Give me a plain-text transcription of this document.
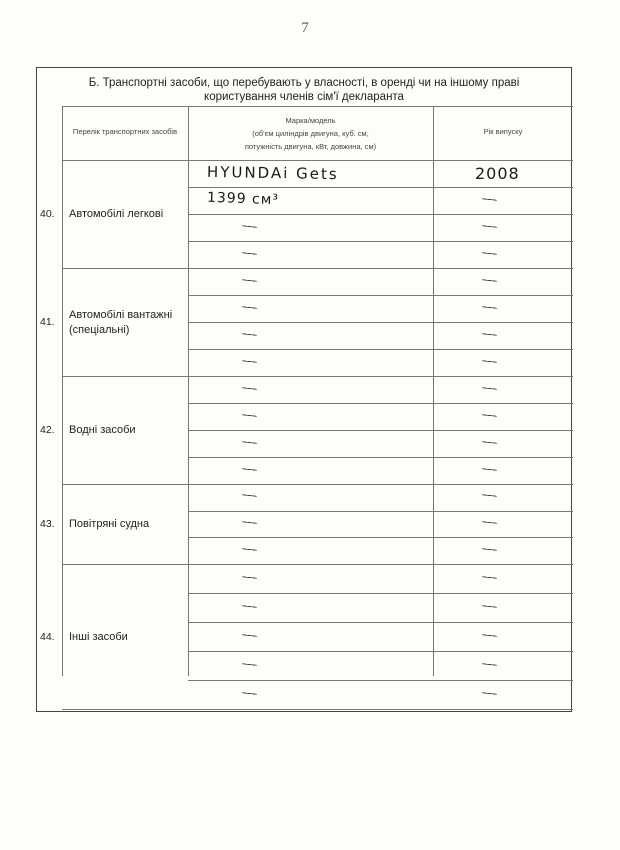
7
Б. Транспортні засоби, що перебувають у власності, в оренді чи на іншому праві
користування членів сім'ї декларанта
Перелік транспортних засобів
Марка/модель
(об'єм циліндрів двигуна, куб. см,
потужність двигуна, кВт, довжина, см)
Рік випуску
40. Автомобілі легкові
HYUNDAi Gets	2008
1399 см³
41.
Автомобілі вантажні (спеціальні)
42. Водні засоби
43. Повітряні судна
44. Інші засоби
